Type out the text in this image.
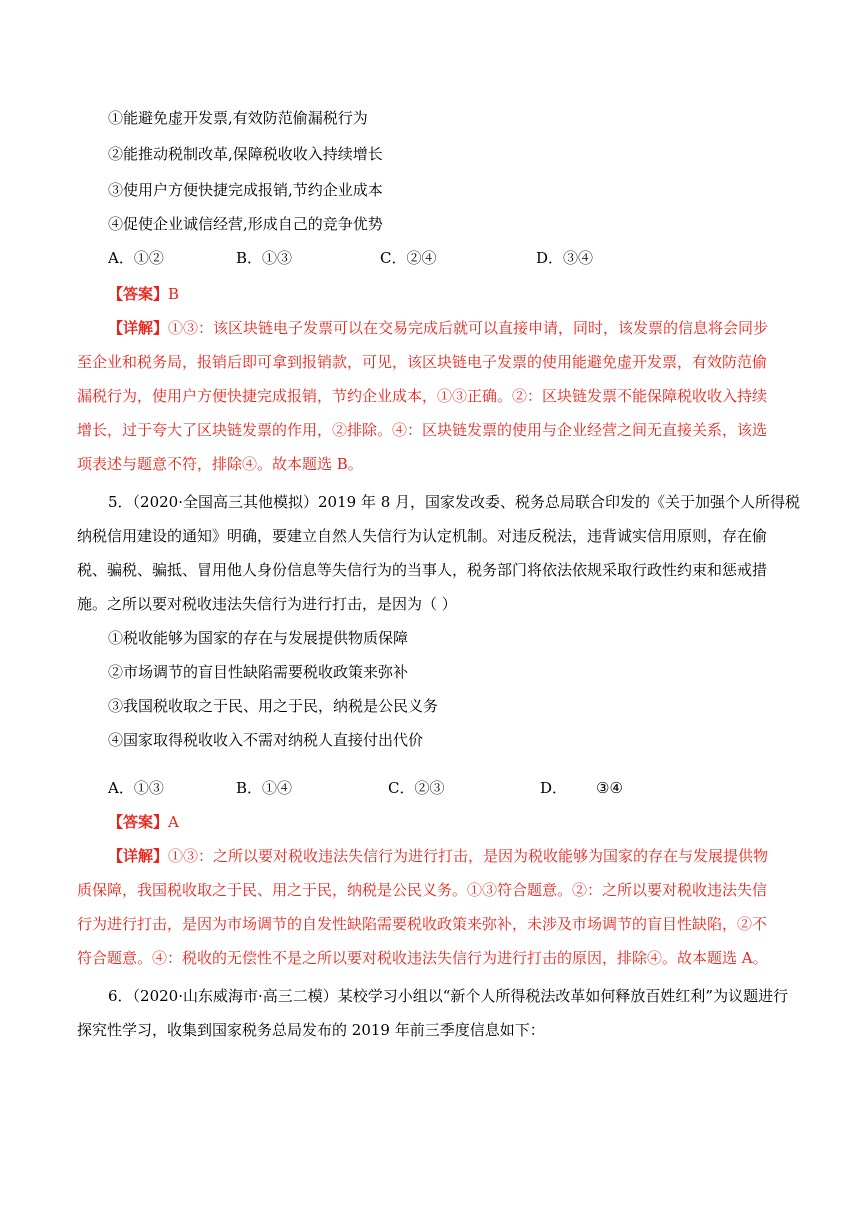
①能避免虚开发票,有效防范偷漏税行为
②能推动税制改革,保障税收收入持续增长
③使用户方便快捷完成报销,节约企业成本
④促使企业诚信经营,形成自己的竞争优势
A．①②	B．①③	C．②④	D．③④
【答案】B
【详解】①③：该区块链电子发票可以在交易完成后就可以直接申请，同时，该发票的信息将会同步
至企业和税务局，报销后即可拿到报销款，可见，该区块链电子发票的使用能避免虚开发票，有效防范偷
漏税行为，使用户方便快捷完成报销，节约企业成本，①③正确。②：区块链发票不能保障税收收入持续
增长，过于夸大了区块链发票的作用，②排除。④：区块链发票的使用与企业经营之间无直接关系，该选
项表述与题意不符，排除④。故本题选 B。
5．（2020·全国高三其他模拟）2019 年 8 月，国家发改委、税务总局联合印发的《关于加强个人所得税
纳税信用建设的通知》明确，要建立自然人失信行为认定机制。对违反税法，违背诚实信用原则，存在偷
税、骗税、骗抵、冒用他人身份信息等失信行为的当事人，税务部门将依法依规采取行政性约束和惩戒措
施。之所以要对税收违法失信行为进行打击，是因为（ ）
①税收能够为国家的存在与发展提供物质保障
②市场调节的盲目性缺陷需要税收政策来弥补
③我国税收取之于民、用之于民，纳税是公民义务
④国家取得税收收入不需对纳税人直接付出代价
A．①③	B．①④	C．②③	D． ③④
【答案】A
【详解】①③：之所以要对税收违法失信行为进行打击，是因为税收能够为国家的存在与发展提供物
质保障，我国税收取之于民、用之于民，纳税是公民义务。①③符合题意。②：之所以要对税收违法失信
行为进行打击，是因为市场调节的自发性缺陷需要税收政策来弥补，未涉及市场调节的盲目性缺陷，②不
符合题意。④：税收的无偿性不是之所以要对税收违法失信行为进行打击的原因，排除④。故本题选 A。
6．（2020·山东威海市·高三二模）某校学习小组以“新个人所得税法改革如何释放百姓红利”为议题进行
探究性学习，收集到国家税务总局发布的 2019 年前三季度信息如下：
